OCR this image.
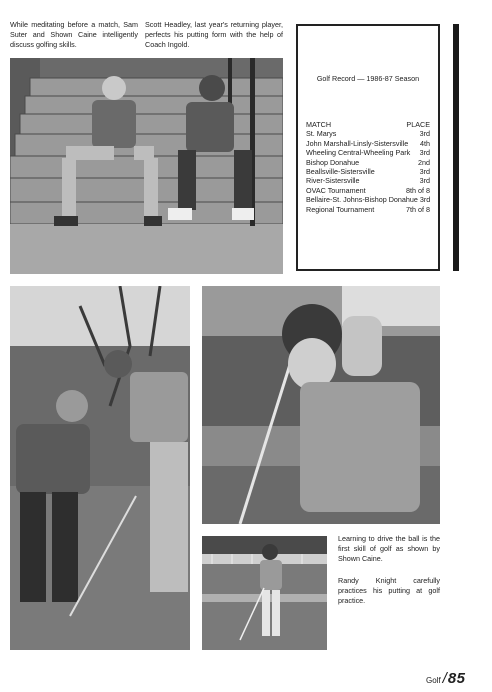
While meditating before a match, Sam Suter and Shown Caine intelligently discuss golfing skills.

Scott Headley, last year's returning player, perfects his putting form with the help of Coach Ingold.

Golf Record — 1986-87 Season
MATCH	PLACE
St. Marys	3rd
John Marshall-Linsly-Sistersville 4th
Wheeling Central-Wheeling Park 3rd
Bishop Donahue	2nd
Beallsville-Sistersville	3rd
River-Sistersville	3rd
OVAC Tournament	8th of 8
Bellaire-St. Johns-Bishop Donahue 3rd
Regional Tournament	7th of 8

Learning to drive the ball is the first skill of golf as shown by Shown Caine.

Randy Knight carefully practices his putting at golf practice.

Golf /85
